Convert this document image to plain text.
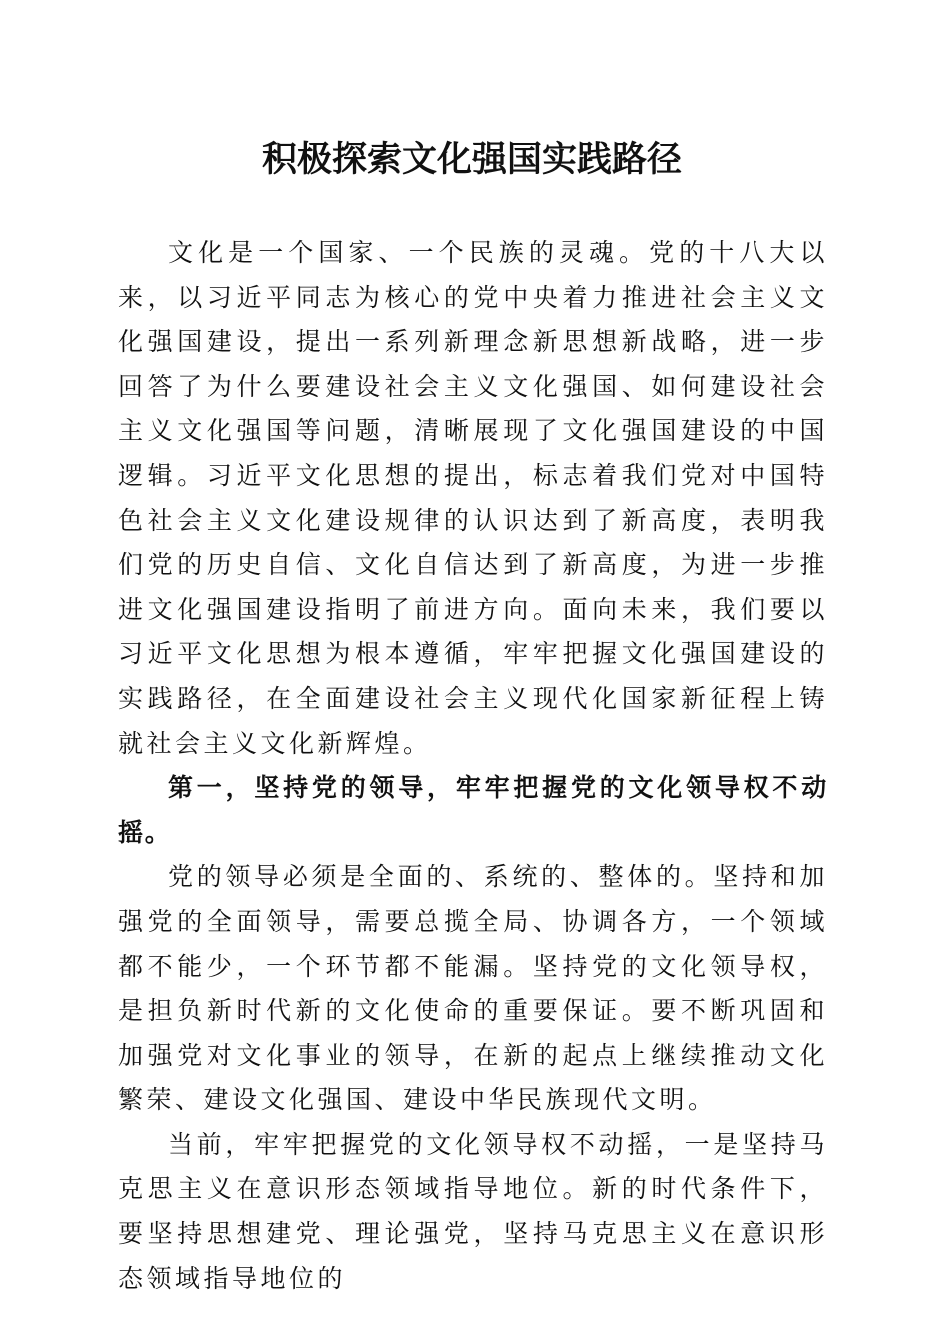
积极探索文化强国实践路径

文化是一个国家、一个民族的灵魂。党的十八大以来，以习近平同志为核心的党中央着力推进社会主义文化强国建设，提出一系列新理念新思想新战略，进一步回答了为什么要建设社会主义文化强国、如何建设社会主义文化强国等问题，清晰展现了文化强国建设的中国逻辑。习近平文化思想的提出，标志着我们党对中国特色社会主义文化建设规律的认识达到了新高度，表明我们党的历史自信、文化自信达到了新高度，为进一步推进文化强国建设指明了前进方向。面向未来，我们要以习近平文化思想为根本遵循，牢牢把握文化强国建设的实践路径，在全面建设社会主义现代化国家新征程上铸就社会主义文化新辉煌。

第一，坚持党的领导，牢牢把握党的文化领导权不动摇。

党的领导必须是全面的、系统的、整体的。坚持和加强党的全面领导，需要总揽全局、协调各方，一个领域都不能少，一个环节都不能漏。坚持党的文化领导权，是担负新时代新的文化使命的重要保证。要不断巩固和加强党对文化事业的领导，在新的起点上继续推动文化繁荣、建设文化强国、建设中华民族现代文明。

当前，牢牢把握党的文化领导权不动摇，一是坚持马克思主义在意识形态领域指导地位。新的时代条件下，要坚持思想建党、理论强党，坚持马克思主义在意识形态领域指导地位的
